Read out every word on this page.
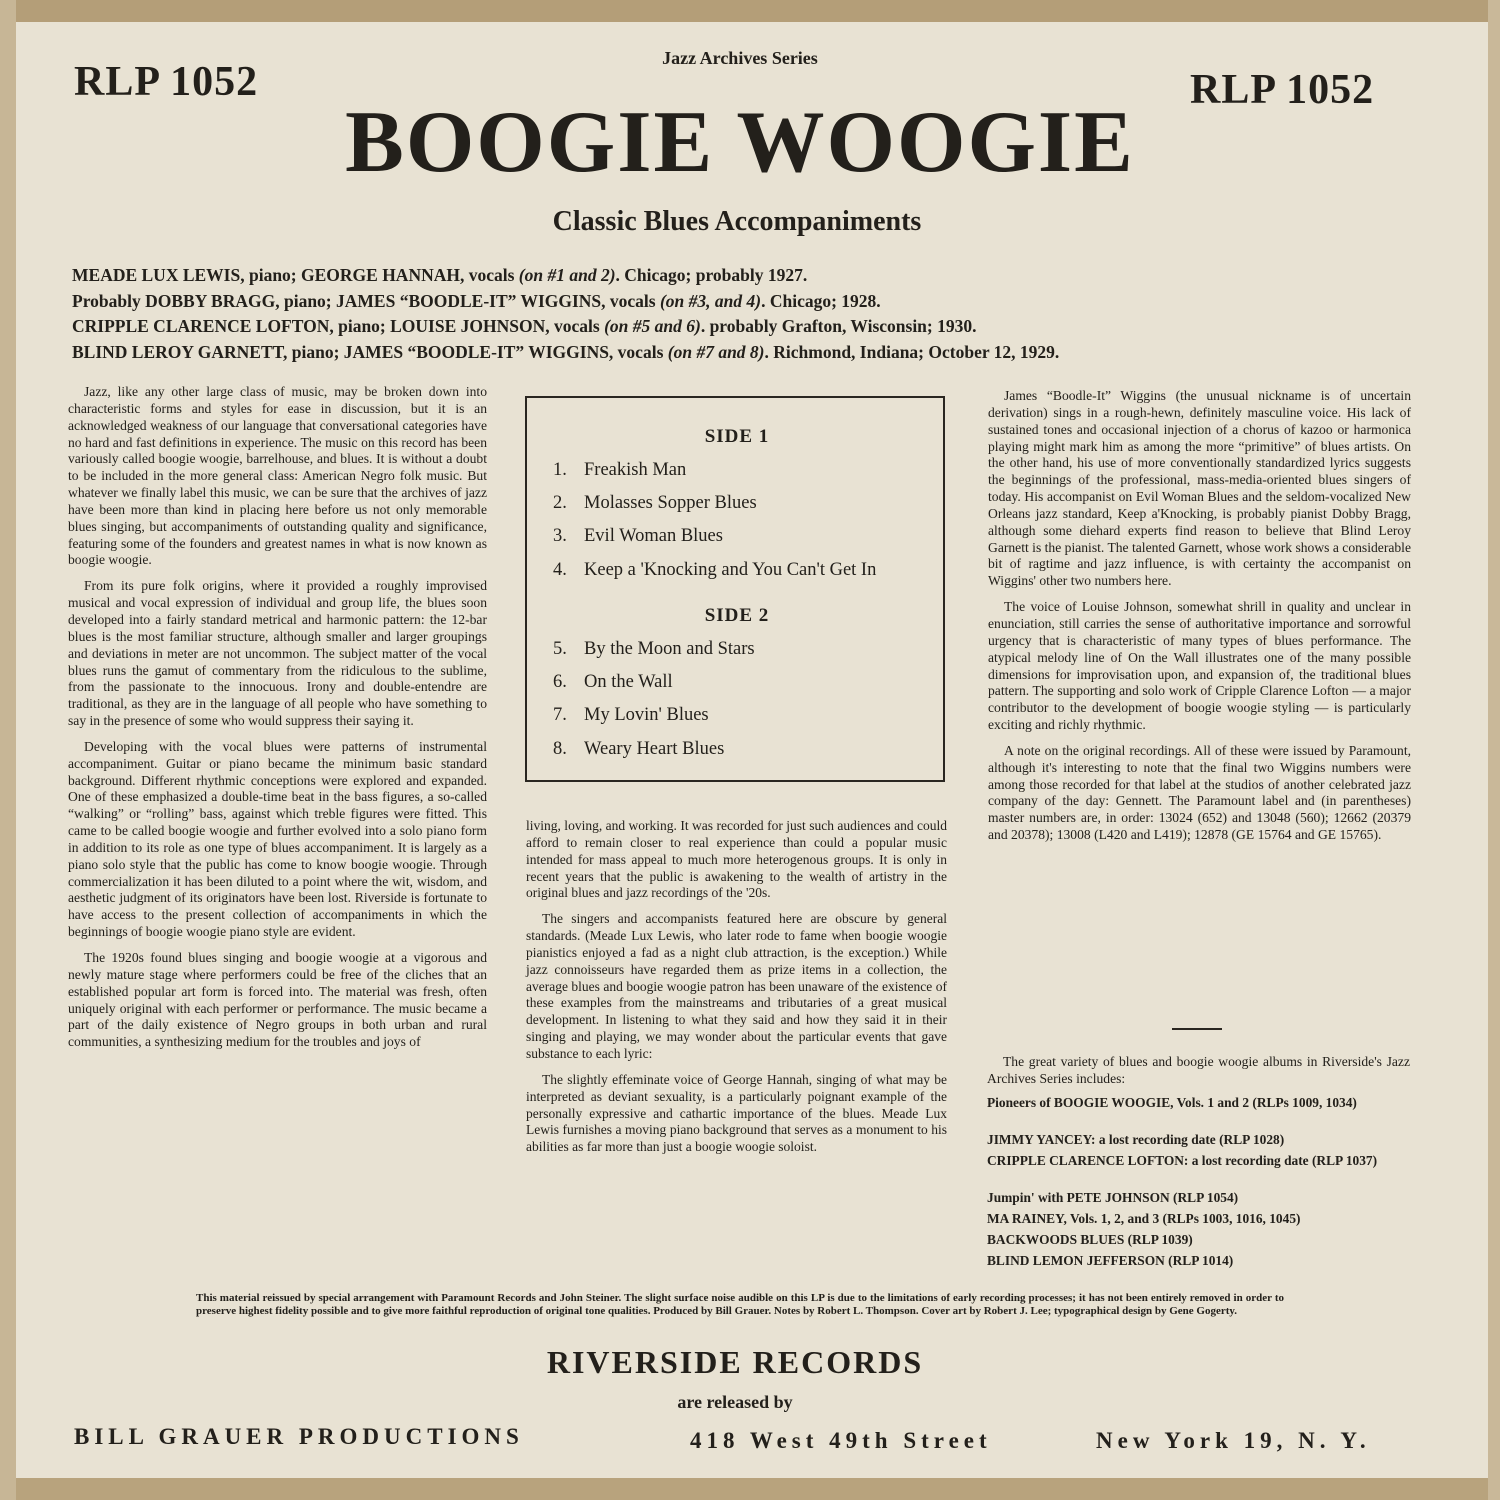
RLP 1052	RLP 1052
Jazz Archives Series
BOOGIE WOOGIE
Classic Blues Accompaniments
MEADE LUX LEWIS, piano; GEORGE HANNAH, vocals (on #1 and 2). Chicago; probably 1927.
Probably DOBBY BRAGG, piano; JAMES “BOODLE-IT” WIGGINS, vocals (on #3, and 4). Chicago; 1928.
CRIPPLE CLARENCE LOFTON, piano; LOUISE JOHNSON, vocals (on #5 and 6). probably Grafton, Wisconsin; 1930.
BLIND LEROY GARNETT, piano; JAMES “BOODLE-IT” WIGGINS, vocals (on #7 and 8). Richmond, Indiana; October 12, 1929.

Jazz, like any other large class of music, may be broken down into characteristic forms and styles for ease in discussion, but it is an acknowledged weakness of our language that conversational categories have no hard and fast definitions in experience. The music on this record has been variously called boogie woogie, barrelhouse, and blues. It is without a doubt to be included in the more general class: American Negro folk music. But whatever we finally label this music, we can be sure that the archives of jazz have been more than kind in placing here before us not only memorable blues singing, but accompaniments of outstanding quality and significance, featuring some of the founders and greatest names in what is now known as boogie woogie.

From its pure folk origins, where it provided a roughly improvised musical and vocal expression of individual and group life, the blues soon developed into a fairly standard metrical and harmonic pattern: the 12-bar blues is the most familiar structure, although smaller and larger groupings and deviations in meter are not uncommon. The subject matter of the vocal blues runs the gamut of commentary from the ridiculous to the sublime, from the passionate to the innocuous. Irony and double-entendre are traditional, as they are in the language of all people who have something to say in the presence of some who would suppress their saying it.

Developing with the vocal blues were patterns of instrumental accompaniment. Guitar or piano became the minimum basic standard background. Different rhythmic conceptions were explored and expanded. One of these emphasized a double-time beat in the bass figures, a so-called “walking” or “rolling” bass, against which treble figures were fitted. This came to be called boogie woogie and further evolved into a solo piano form in addition to its role as one type of blues accompaniment. It is largely as a piano solo style that the public has come to know boogie woogie. Through commercialization it has been diluted to a point where the wit, wisdom, and aesthetic judgment of its originators have been lost. Riverside is fortunate to have access to the present collection of accompaniments in which the beginnings of boogie woogie piano style are evident.

The 1920s found blues singing and boogie woogie at a vigorous and newly mature stage where performers could be free of the cliches that an established popular art form is forced into. The material was fresh, often uniquely original with each performer or performance. The music became a part of the daily existence of Negro groups in both urban and rural communities, a synthesizing medium for the troubles and joys of

SIDE 1
1. Freakish Man
2. Molasses Sopper Blues
3. Evil Woman Blues
4. Keep a 'Knocking and You Can't Get In
SIDE 2
5. By the Moon and Stars
6. On the Wall
7. My Lovin' Blues
8. Weary Heart Blues

living, loving, and working. It was recorded for just such audiences and could afford to remain closer to real experience than could a popular music intended for mass appeal to much more heterogenous groups. It is only in recent years that the public is awakening to the wealth of artistry in the original blues and jazz recordings of the '20s.

The singers and accompanists featured here are obscure by general standards. (Meade Lux Lewis, who later rode to fame when boogie woogie pianistics enjoyed a fad as a night club attraction, is the exception.) While jazz connoisseurs have regarded them as prize items in a collection, the average blues and boogie woogie patron has been unaware of the existence of these examples from the mainstreams and tributaries of a great musical development. In listening to what they said and how they said it in their singing and playing, we may wonder about the particular events that gave substance to each lyric:

The slightly effeminate voice of George Hannah, singing of what may be interpreted as deviant sexuality, is a particularly poignant example of the personally expressive and cathartic importance of the blues. Meade Lux Lewis furnishes a moving piano background that serves as a monument to his abilities as far more than just a boogie woogie soloist.

James “Boodle-It” Wiggins (the unusual nickname is of uncertain derivation) sings in a rough-hewn, definitely masculine voice. His lack of sustained tones and occasional injection of a chorus of kazoo or harmonica playing might mark him as among the more “primitive” of blues artists. On the other hand, his use of more conventionally standardized lyrics suggests the beginnings of the professional, mass-media-oriented blues singers of today. His accompanist on Evil Woman Blues and the seldom-vocalized New Orleans jazz standard, Keep a'Knocking, is probably pianist Dobby Bragg, although some diehard experts find reason to believe that Blind Leroy Garnett is the pianist. The talented Garnett, whose work shows a considerable bit of ragtime and jazz influence, is with certainty the accompanist on Wiggins' other two numbers here.

The voice of Louise Johnson, somewhat shrill in quality and unclear in enunciation, still carries the sense of authoritative importance and sorrowful urgency that is characteristic of many types of blues performance. The atypical melody line of On the Wall illustrates one of the many possible dimensions for improvisation upon, and expansion of, the traditional blues pattern. The supporting and solo work of Cripple Clarence Lofton — a major contributor to the development of boogie woogie styling — is particularly exciting and richly rhythmic.

A note on the original recordings. All of these were issued by Paramount, although it's interesting to note that the final two Wiggins numbers were among those recorded for that label at the studios of another celebrated jazz company of the day: Gennett. The Paramount label and (in parentheses) master numbers are, in order: 13024 (652) and 13048 (560); 12662 (20379 and 20378); 13008 (L420 and L419); 12878 (GE 15764 and GE 15765).

The great variety of blues and boogie woogie albums in Riverside's Jazz Archives Series includes:

Pioneers of BOOGIE WOOGIE, Vols. 1 and 2 (RLPs 1009, 1034)
JIMMY YANCEY: a lost recording date (RLP 1028)
CRIPPLE CLARENCE LOFTON: a lost recording date (RLP 1037)
Jumpin' with PETE JOHNSON (RLP 1054)
MA RAINEY, Vols. 1, 2, and 3 (RLPs 1003, 1016, 1045)
BACKWOODS BLUES (RLP 1039)
BLIND LEMON JEFFERSON (RLP 1014)
This material reissued by special arrangement with Paramount Records and John Steiner. The slight surface noise audible on this LP is due to the limitations of early recording processes; it has not been entirely removed in order to preserve highest fidelity possible and to give more faithful reproduction of original tone qualities. Produced by Bill Grauer. Notes by Robert L. Thompson. Cover art by Robert J. Lee; typographical design by Gene Gogerty.
RIVERSIDE RECORDS
are released by
BILL GRAUER PRODUCTIONS	418 West 49th Street	New York 19, N. Y.
